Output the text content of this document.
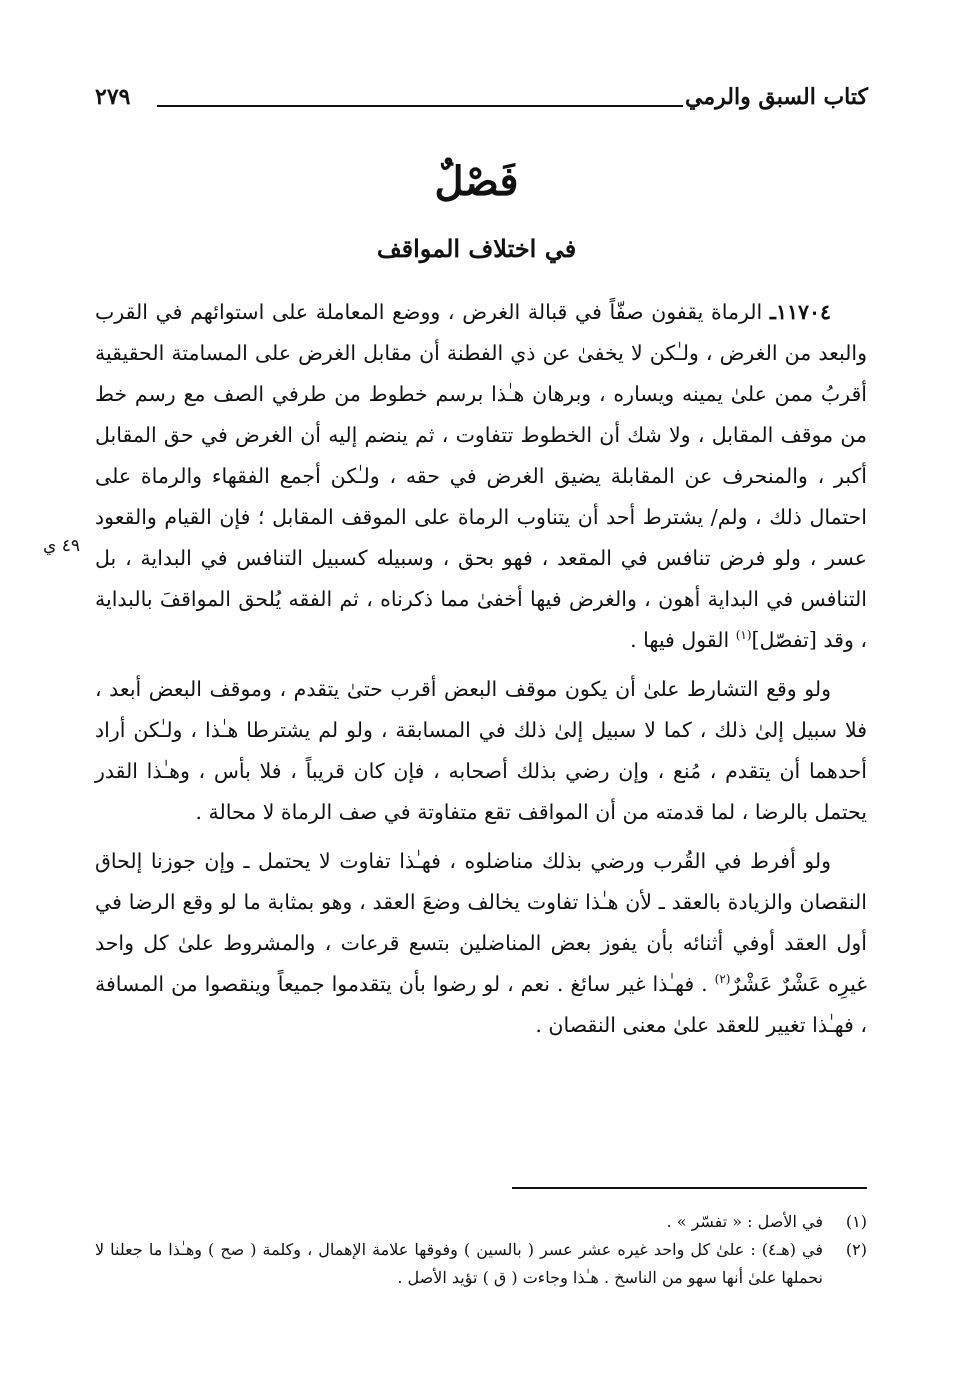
كتاب السبق والرمي
٢٧٩
فَصْلٌ
في اختلاف المواقف
٤٩ ي

١١٧٠٤ـ الرماة يقفون صفّاً في قبالة الغرض ، ووضع المعاملة على استوائهم في القرب والبعد من الغرض ، ولـٰكن لا يخفىٰ عن ذي الفطنة أن مقابل الغرض على المسامتة الحقيقية أقربُ ممن علىٰ يمينه ويساره ، وبرهان هـٰذا برسم خطوط من طرفي الصف مع رسم خط من موقف المقابل ، ولا شك أن الخطوط تتفاوت ، ثم ينضم إليه أن الغرض في حق المقابل أكبر ، والمنحرف عن المقابلة يضيق الغرض في حقه ، ولـٰكن أجمع الفقهاء والرماة على احتمال ذلك ، ولم/ يشترط أحد أن يتناوب الرماة على الموقف المقابل ؛ فإن القيام والقعود عسر ، ولو فرض تنافس في المقعد ، فهو بحق ، وسبيله كسبيل التنافس في البداية ، بل التنافس في البداية أهون ، والغرض فيها أخفىٰ مما ذكرناه ، ثم الفقه يُلحق المواقفَ بالبداية ، وقد [تفصّل]$^{(١)}$ القول فيها .

ولو وقع التشارط علىٰ أن يكون موقف البعض أقرب حتىٰ يتقدم ، وموقف البعض أبعد ، فلا سبيل إلىٰ ذلك ، كما لا سبيل إلىٰ ذلك في المسابقة ، ولو لم يشترطا هـٰذا ، ولـٰكن أراد أحدهما أن يتقدم ، مُنع ، وإن رضي بذلك أصحابه ، فإن كان قريباً ، فلا بأس ، وهـٰذا القدر يحتمل بالرضا ، لما قدمته من أن المواقف تقع متفاوتة في صف الرماة لا محالة .

ولو أفرط في القُرب ورضي بذلك مناضلوه ، فهـٰذا تفاوت لا يحتمل ـ وإن جوزنا إلحاق النقصان والزيادة بالعقد ـ لأن هـٰذا تفاوت يخالف وضعَ العقد ، وهو بمثابة ما لو وقع الرضا في أول العقد أوفي أثنائه بأن يفوز بعض المناضلين بتسع قرعات ، والمشروط علىٰ كل واحد غيرِه عَشْرٌ عَشْرٌ$^{(٢)}$ . فهـٰذا غير سائغ . نعم ، لو رضوا بأن يتقدموا جميعاً وينقصوا من المسافة ، فهـٰذا تغيير للعقد علىٰ معنى النقصان .

(١)
في الأصل : « تفسّر » .
(٢)
في (هـ٤) : علىٰ كل واحد غيره عشر عسر ( بالسين ) وفوقها علامة الإهمال ، وكلمة ( صح ) وهـٰذا ما جعلنا لا نحملها علىٰ أنها سهو من الناسخ . هـٰذا وجاءت ( ق ) تؤيد الأصل .
